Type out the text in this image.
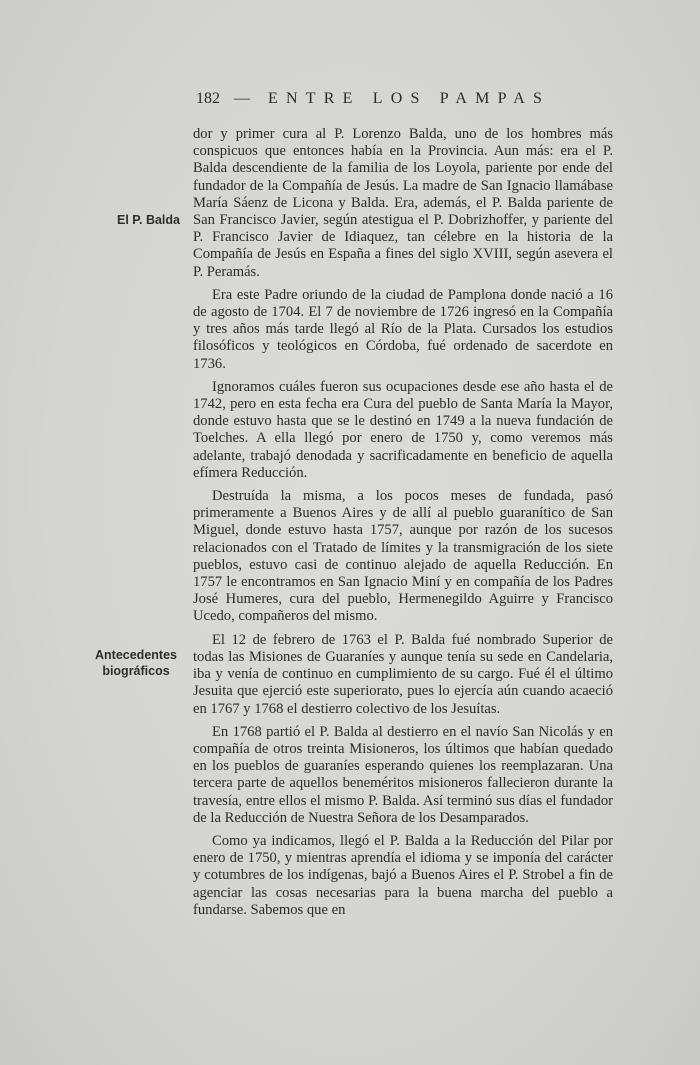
182 — ENTRE LOS PAMPAS
El P. Balda
Antecedentes
biográficos

dor y primer cura al P. Lorenzo Balda, uno de los hombres más conspicuos que entonces había en la Provincia. Aun más: era el P. Balda descendiente de la familia de los Loyola, pariente por ende del fundador de la Compañía de Jesús. La madre de San Ignacio llamábase María Sáenz de Licona y Balda. Era, además, el P. Balda pariente de San Francisco Javier, según atestigua el P. Dobrizhoffer, y pariente del P. Francisco Javier de Idiaquez, tan célebre en la historia de la Compañía de Jesús en España a fines del siglo XVIII, según asevera el P. Peramás.

Era este Padre oriundo de la ciudad de Pamplona donde nació a 16 de agosto de 1704. El 7 de noviembre de 1726 ingresó en la Compañía y tres años más tarde llegó al Río de la Plata. Cursados los estudios filosóficos y teológicos en Córdoba, fué ordenado de sacerdote en 1736.

Ignoramos cuáles fueron sus ocupaciones desde ese año hasta el de 1742, pero en esta fecha era Cura del pueblo de Santa María la Mayor, donde estuvo hasta que se le destinó en 1749 a la nueva fundación de Toelches. A ella llegó por enero de 1750 y, como veremos más adelante, trabajó denodada y sacrificadamente en beneficio de aquella efímera Reducción.

Destruída la misma, a los pocos meses de fundada, pasó primeramente a Buenos Aires y de allí al pueblo guaranítico de San Miguel, donde estuvo hasta 1757, aunque por razón de los sucesos relacionados con el Tratado de límites y la transmigración de los siete pueblos, estuvo casi de continuo alejado de aquella Reducción. En 1757 le encontramos en San Ignacio Miní y en compañía de los Padres José Humeres, cura del pueblo, Hermenegildo Aguirre y Francisco Ucedo, compañeros del mismo.

El 12 de febrero de 1763 el P. Balda fué nombrado Superior de todas las Misiones de Guaraníes y aunque tenía su sede en Candelaria, iba y venía de continuo en cumplimiento de su cargo. Fué él el último Jesuita que ejerció este superiorato, pues lo ejercía aún cuando acaeció en 1767 y 1768 el destierro colectivo de los Jesuítas.

En 1768 partió el P. Balda al destierro en el navío San Nicolás y en compañía de otros treinta Misioneros, los últimos que habían quedado en los pueblos de guaraníes esperando quienes los reemplazaran. Una tercera parte de aquellos beneméritos misioneros fallecieron durante la travesía, entre ellos el mismo P. Balda. Así terminó sus días el fundador de la Reducción de Nuestra Señora de los Desamparados.

Como ya indicamos, llegó el P. Balda a la Reducción del Pilar por enero de 1750, y mientras aprendía el idioma y se imponía del carácter y cotumbres de los indígenas, bajó a Buenos Aires el P. Strobel a fin de agenciar las cosas necesarias para la buena marcha del pueblo a fundarse. Sabemos que en
